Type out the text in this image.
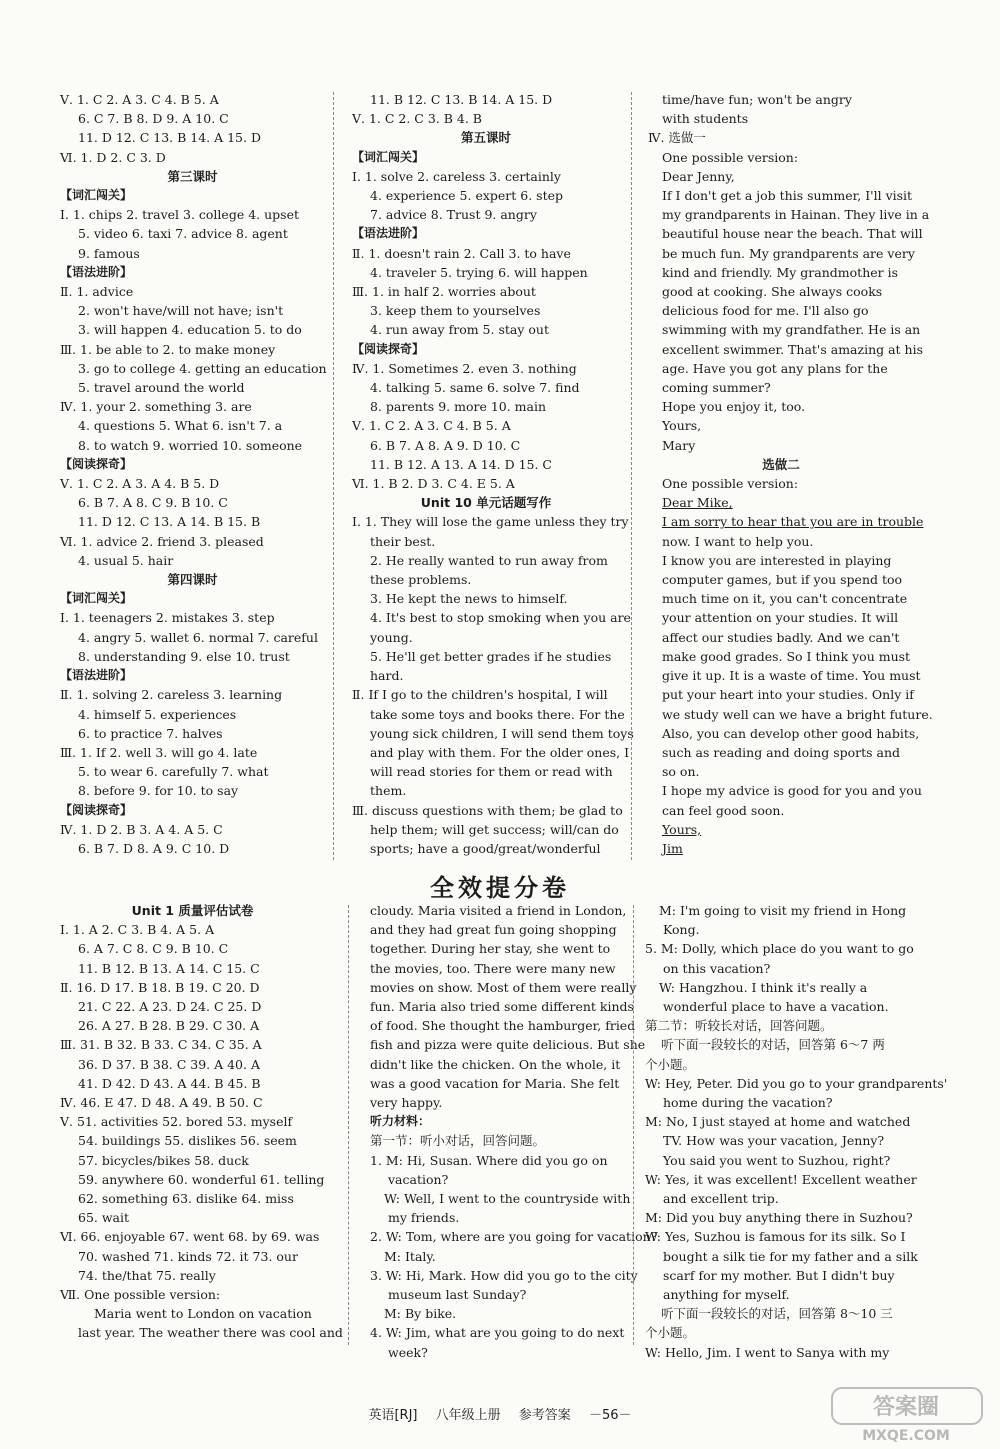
Ⅴ. 1. C 2. A 3. C 4. B 5. A
6. C 7. B 8. D 9. A 10. C
11. D 12. C 13. B 14. A 15. D
Ⅵ. 1. D 2. C 3. D
第三课时
【词汇闯关】
Ⅰ. 1. chips 2. travel 3. college 4. upset
5. video 6. taxi 7. advice 8. agent
9. famous
【语法进阶】
Ⅱ. 1. advice
2. won't have/will not have; isn't
3. will happen 4. education 5. to do
Ⅲ. 1. be able to 2. to make money
3. go to college 4. getting an education
5. travel around the world
Ⅳ. 1. your 2. something 3. are
4. questions 5. What 6. isn't 7. a
8. to watch 9. worried 10. someone
【阅读探奇】
Ⅴ. 1. C 2. A 3. A 4. B 5. D
6. B 7. A 8. C 9. B 10. C
11. D 12. C 13. A 14. B 15. B
Ⅵ. 1. advice 2. friend 3. pleased
4. usual 5. hair
第四课时
【词汇闯关】
Ⅰ. 1. teenagers 2. mistakes 3. step
4. angry 5. wallet 6. normal 7. careful
8. understanding 9. else 10. trust
【语法进阶】
Ⅱ. 1. solving 2. careless 3. learning
4. himself 5. experiences
6. to practice 7. halves
Ⅲ. 1. If 2. well 3. will go 4. late
5. to wear 6. carefully 7. what
8. before 9. for 10. to say
【阅读探奇】
Ⅳ. 1. D 2. B 3. A 4. A 5. C
6. B 7. D 8. A 9. C 10. D
11. B 12. C 13. B 14. A 15. D
Ⅴ. 1. C 2. C 3. B 4. B
第五课时
【词汇闯关】
Ⅰ. 1. solve 2. careless 3. certainly
4. experience 5. expert 6. step
7. advice 8. Trust 9. angry
【语法进阶】
Ⅱ. 1. doesn't rain 2. Call 3. to have
4. traveler 5. trying 6. will happen
Ⅲ. 1. in half 2. worries about
3. keep them to yourselves
4. run away from 5. stay out
【阅读探奇】
Ⅳ. 1. Sometimes 2. even 3. nothing
4. talking 5. same 6. solve 7. find
8. parents 9. more 10. main
Ⅴ. 1. C 2. A 3. C 4. B 5. A
6. B 7. A 8. A 9. D 10. C
11. B 12. A 13. A 14. D 15. C
Ⅵ. 1. B 2. D 3. C 4. E 5. A
Unit 10 单元话题写作
Ⅰ. 1. They will lose the game unless they try
their best.
2. He really wanted to run away from
these problems.
3. He kept the news to himself.
4. It's best to stop smoking when you are
young.
5. He'll get better grades if he studies
hard.
Ⅱ. If I go to the children's hospital, I will
take some toys and books there. For the
young sick children, I will send them toys
and play with them. For the older ones, I
will read stories for them or read with
them.
Ⅲ. discuss questions with them; be glad to
help them; will get success; will/can do
sports; have a good/great/wonderful
time/have fun; won't be angry
with students
Ⅳ. 选做一
One possible version:
Dear Jenny,
If I don't get a job this summer, I'll visit
my grandparents in Hainan. They live in a
beautiful house near the beach. That will
be much fun. My grandparents are very
kind and friendly. My grandmother is
good at cooking. She always cooks
delicious food for me. I'll also go
swimming with my grandfather. He is an
excellent swimmer. That's amazing at his
age. Have you got any plans for the
coming summer?
Hope you enjoy it, too.
Yours,
Mary
选做二
One possible version:
Dear Mike,
I am sorry to hear that you are in trouble
now. I want to help you.
I know you are interested in playing
computer games, but if you spend too
much time on it, you can't concentrate
your attention on your studies. It will
affect our studies badly. And we can't
make good grades. So I think you must
give it up. It is a waste of time. You must
put your heart into your studies. Only if
we study well can we have a bright future.
Also, you can develop other good habits,
such as reading and doing sports and
so on.
I hope my advice is good for you and you
can feel good soon.
Yours,
Jim
全效提分卷
Unit 1 质量评估试卷
Ⅰ. 1. A 2. C 3. B 4. A 5. A
6. A 7. C 8. C 9. B 10. C
11. B 12. B 13. A 14. C 15. C
Ⅱ. 16. D 17. B 18. B 19. C 20. D
21. C 22. A 23. D 24. C 25. D
26. A 27. B 28. B 29. C 30. A
Ⅲ. 31. B 32. B 33. C 34. C 35. A
36. D 37. B 38. C 39. A 40. A
41. D 42. D 43. A 44. B 45. B
Ⅳ. 46. E 47. D 48. A 49. B 50. C
Ⅴ. 51. activities 52. bored 53. myself
54. buildings 55. dislikes 56. seem
57. bicycles/bikes 58. duck
59. anywhere 60. wonderful 61. telling
62. something 63. dislike 64. miss
65. wait
Ⅵ. 66. enjoyable 67. went 68. by 69. was
70. washed 71. kinds 72. it 73. our
74. the/that 75. really
Ⅶ. One possible version:
Maria went to London on vacation
last year. The weather there was cool and
cloudy. Maria visited a friend in London,
and they had great fun going shopping
together. During her stay, she went to
the movies, too. There were many new
movies on show. Most of them were really
fun. Maria also tried some different kinds
of food. She thought the hamburger, fried
fish and pizza were quite delicious. But she
didn't like the chicken. On the whole, it
was a good vacation for Maria. She felt
very happy.
听力材料：
第一节：听小对话，回答问题。
1. M: Hi, Susan. Where did you go on
vacation?
W: Well, I went to the countryside with
my friends.
2. W: Tom, where are you going for vacation?
M: Italy.
3. W: Hi, Mark. How did you go to the city
museum last Sunday?
M: By bike.
4. W: Jim, what are you going to do next
week?
M: I'm going to visit my friend in Hong
Kong.
5. M: Dolly, which place do you want to go
on this vacation?
W: Hangzhou. I think it's really a
wonderful place to have a vacation.
第二节：听较长对话，回答问题。
听下面一段较长的对话，回答第 6～7 两
个小题。
W: Hey, Peter. Did you go to your grandparents'
home during the vacation?
M: No, I just stayed at home and watched
TV. How was your vacation, Jenny?
You said you went to Suzhou, right?
W: Yes, it was excellent! Excellent weather
and excellent trip.
M: Did you buy anything there in Suzhou?
W: Yes, Suzhou is famous for its silk. So I
bought a silk tie for my father and a silk
scarf for my mother. But I didn't buy
anything for myself.
听下面一段较长的对话，回答第 8～10 三
个小题。
W: Hello, Jim. I went to Sanya with my
英语[RJ] 八年级上册 参考答案 －56－	答案圈
MXQE.COM
